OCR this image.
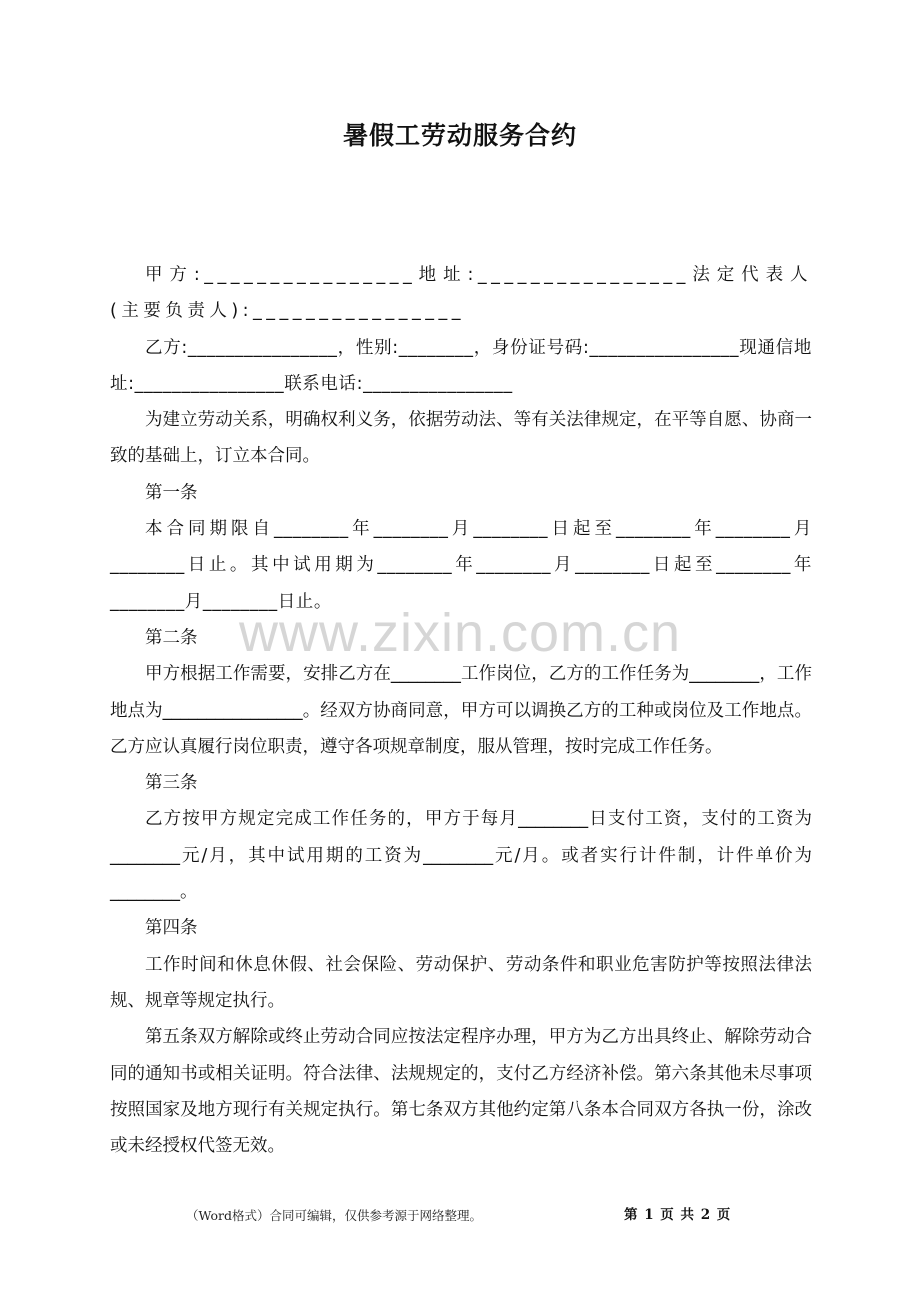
暑假工劳动服务合约

甲方:________________地址:________________法定代表人(主要负责人):________________

乙方:________________，性别:________，身份证号码:________________现通信地址:________________联系电话:________________

为建立劳动关系，明确权利义务，依据劳动法、等有关法律规定，在平等自愿、协商一致的基础上，订立本合同。

第一条

本合同期限自________年________月________日起至________年________月________日止。其中试用期为________年________月________日起至________年________月________日止。

第二条

甲方根据工作需要，安排乙方在________工作岗位，乙方的工作任务为________，工作地点为________________。经双方协商同意，甲方可以调换乙方的工种或岗位及工作地点。乙方应认真履行岗位职责，遵守各项规章制度，服从管理，按时完成工作任务。

第三条

乙方按甲方规定完成工作任务的，甲方于每月________日支付工资，支付的工资为________元/月，其中试用期的工资为________元/月。或者实行计件制，计件单价为________。

第四条

工作时间和休息休假、社会保险、劳动保护、劳动条件和职业危害防护等按照法律法规、规章等规定执行。

第五条双方解除或终止劳动合同应按法定程序办理，甲方为乙方出具终止、解除劳动合同的通知书或相关证明。符合法律、法规规定的，支付乙方经济补偿。第六条其他未尽事项按照国家及地方现行有关规定执行。第七条双方其他约定第八条本合同双方各执一份，涂改或未经授权代签无效。

www.zixin.com.cn
（Word格式）合同可编辑，仅供参考源于网络整理。	第 1 页 共 2 页
